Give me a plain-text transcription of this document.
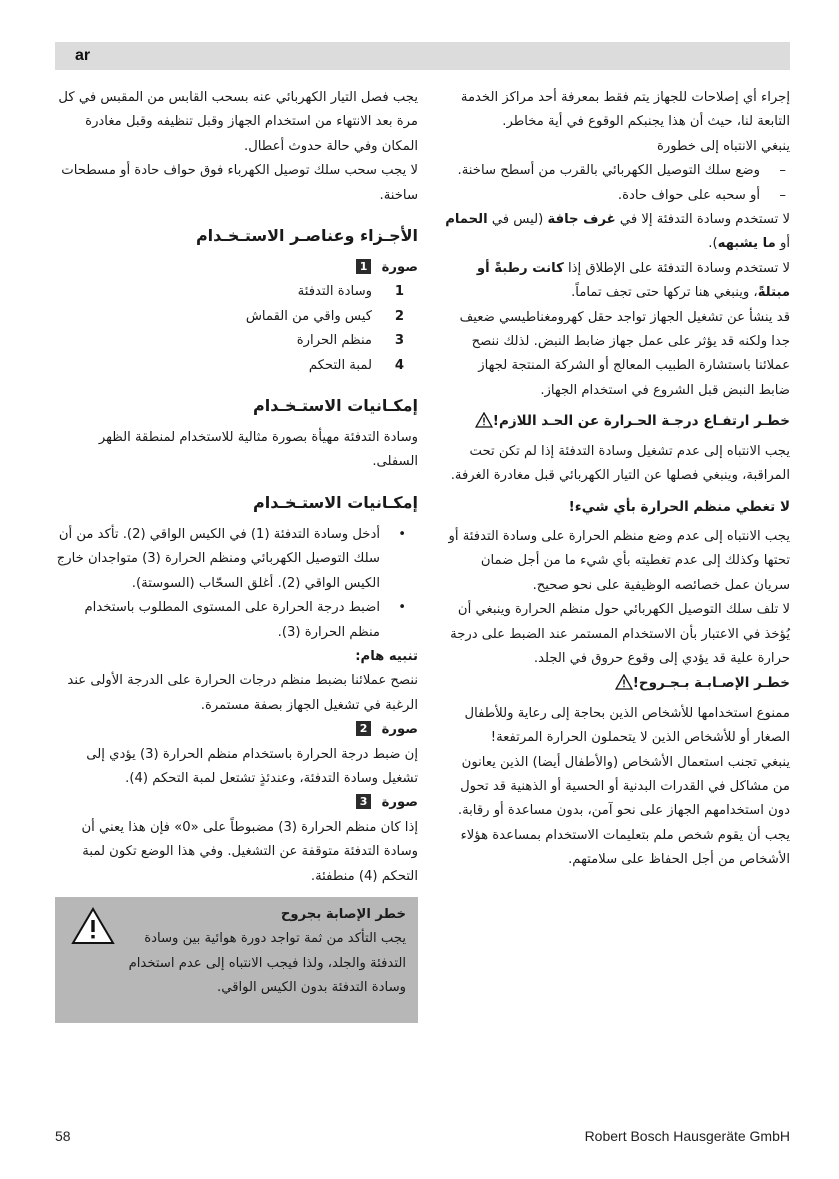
ar

إجراء أي إصلاحات للجهاز يتم فقط بمعرفة أحد مراكز الخدمة التابعة لنا، حيث أن هذا يجنبكم الوقوع في أية مخاطر.

ينبغي الانتباه إلى خطورة

– وضع سلك التوصيل الكهربائي بالقرب من أسطح ساخنة.
– أو سحبه على حواف حادة.

لا تستخدم وسادة التدفئة إلا في غرف جافة (ليس في الحمام أو ما يشبهه).

لا تستخدم وسادة التدفئة على الإطلاق إذا كانت رطبةً أو مبتلةً، وينبغي هنا تركها حتى تجف تماماً.

قد ينشأ عن تشغيل الجهاز تواجد حقل كهرومغناطيسي ضعيف جدا ولكنه قد يؤثر على عمل جهاز ضابط النبض. لذلك ننصح عملائنا باستشارة الطبيب المعالج أو الشركة المنتجة لجهاز ضابط النبض قبل الشروع في استخدام الجهاز.

خطـر ارتفـاع درجـة الحـرارة عن الحـد اللازم!

يجب الانتباه إلى عدم تشغيل وسادة التدفئة إذا لم تكن تحت المراقبة، وينبغي فصلها عن التيار الكهربائي قبل مغادرة الغرفة.

لا تغطي منظم الحرارة بأي شيء!

يجب الانتباه إلى عدم وضع منظم الحرارة على وسادة التدفئة أو تحتها وكذلك إلى عدم تغطيته بأي شيء ما من أجل ضمان سريان عمل خصائصه الوظيفية على نحو صحيح.

لا تلف سلك التوصيل الكهربائي حول منظم الحرارة وينبغي أن يُؤخذ في الاعتبار بأن الاستخدام المستمر عند الضبط على درجة حرارة علية قد يؤدي إلى وقوع حروق في الجلد.

خطـر الإصـابـة بـجـروح!

ممنوع استخدامها للأشخاص الذين بحاجة إلى رعاية وللأطفال الصغار أو للأشخاص الذين لا يتحملون الحرارة المرتفعة!

ينبغي تجنب استعمال الأشخاص (والأطفال أيضا) الذين يعانون من مشاكل في القدرات البدنية أو الحسية أو الذهنية قد تحول دون استخدامهم الجهاز على نحو آمن، بدون مساعدة أو رقابة. يجب أن يقوم شخص ملم بتعليمات الاستخدام بمساعدة هؤلاء الأشخاص من أجل الحفاظ على سلامتهم.

يجب فصل التيار الكهربائي عنه بسحب القابس من المقبس في كل مرة بعد الانتهاء من استخدام الجهاز وقبل تنظيفه وقبل مغادرة المكان وفي حالة حدوث أعطال.

لا يجب سحب سلك توصيل الكهرباء فوق حواف حادة أو مسطحات ساخنة.

الأجـزاء وعناصـر الاستـخـدام

صورة 1

1
وسادة التدفئة
2
كيس واقي من القماش
3
منظم الحرارة
4
لمبة التحكم

إمكـانيات الاستـخـدام

وسادة التدفئة مهيأة بصورة مثالية للاستخدام لمنطقة الظهر السفلى.

إمكـانيات الاستـخـدام

• أدخل وسادة التدفئة (1) في الكيس الواقي (2). تأكد من أن سلك التوصيل الكهربائي ومنظم الحرارة (3) متواجدان خارج الكيس الواقي (2). أغلق السحّاب (السوستة).
• اضبط درجة الحرارة على المستوى المطلوب باستخدام منظم الحرارة (3).

تنبيه هام:

ننصح عملائنا بضبط منظم درجات الحرارة على الدرجة الأولى عند الرغبة في تشغيل الجهاز بصفة مستمرة.

صورة 2

إن ضبط درجة الحرارة باستخدام منظم الحرارة (3) يؤدي إلى تشغيل وسادة التدفئة، وعندئذٍ تشتعل لمبة التحكم (4).

صورة 3

إذا كان منظم الحرارة (3) مضبوطاً على «0» فإن هذا يعني أن وسادة التدفئة متوقفة عن التشغيل. وفي هذا الوضع تكون لمبة التحكم (4) منطفئة.

خطر الإصابة بجروح

يجب التأكد من ثمة تواجد دورة هوائية بين وسادة التدفئة والجلد، ولذا فيجب الانتباه إلى عدم استخدام وسادة التدفئة بدون الكيس الواقي.

58	Robert Bosch Hausgeräte GmbH
